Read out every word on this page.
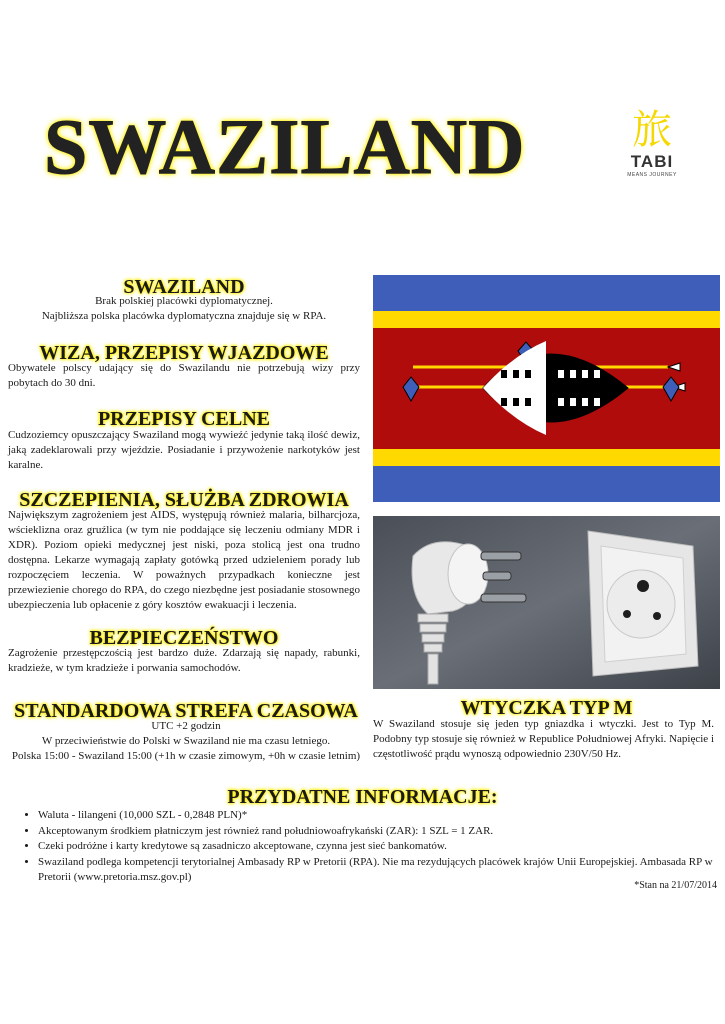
SWAZILAND	旅
TABI
MEANS JOURNEY
SWAZILAND
Brak polskiej placówki dyplomatycznej.
Najbliższa polska placówka dyplomatyczna znajduje się w RPA.
WIZA, PRZEPISY WJAZDOWE
Obywatele polscy udający się do Swazilandu nie potrzebują wizy przy pobytach do 30 dni.
PRZEPISY CELNE
Cudzoziemcy opuszczający Swaziland mogą wywieźć jedynie taką ilość dewiz, jaką zadeklarowali przy wjeździe. Posiadanie i przywożenie narkotyków jest karalne.
SZCZEPIENIA, SŁUŻBA ZDROWIA
Największym zagrożeniem jest AIDS, występują również malaria, bilharcjoza, wścieklizna oraz gruźlica (w tym nie poddające się leczeniu odmiany MDR i XDR). Poziom opieki medycznej jest niski, poza stolicą jest ona trudno dostępna. Lekarze wymagają zapłaty gotówką przed udzieleniem porady lub rozpoczęciem leczenia. W poważnych przypadkach konieczne jest przewiezienie chorego do RPA, do czego niezbędne jest posiadanie stosownego ubezpieczenia lub opłacenie z góry kosztów ewakuacji i leczenia.
BEZPIECZEŃSTWO
Zagrożenie przestępczością jest bardzo duże. Zdarzają się napady, rabunki, kradzieże, w tym kradzieże i porwania samochodów.
STANDARDOWA STREFA CZASOWA
UTC +2 godzin
W przeciwieństwie do Polski w Swaziland nie ma czasu letniego.
Polska 15:00 - Swaziland 15:00 (+1h w czasie zimowym, +0h w czasie letnim)
WTYCZKA TYP M
W Swaziland stosuje się jeden typ gniazdka i wtyczki. Jest to Typ M. Podobny typ stosuje się również w Republice Południowej Afryki. Napięcie i częstotliwość prądu wynoszą odpowiednio 230V/50 Hz.
PRZYDATNE INFORMACJE:
• Waluta - lilangeni (10,000 SZL - 0,2848 PLN)*
• Akceptowanym środkiem płatniczym jest również rand południowoafrykański (ZAR): 1 SZL = 1 ZAR.
• Czeki podróżne i karty kredytowe są zasadniczo akceptowane, czynna jest sieć bankomatów.
• Swaziland podlega kompetencji terytorialnej Ambasady RP w Pretorii (RPA). Nie ma rezydujących placówek krajów Unii Europejskiej. Ambasada RP w Pretorii (www.pretoria.msz.gov.pl)
*Stan na 21/07/2014
